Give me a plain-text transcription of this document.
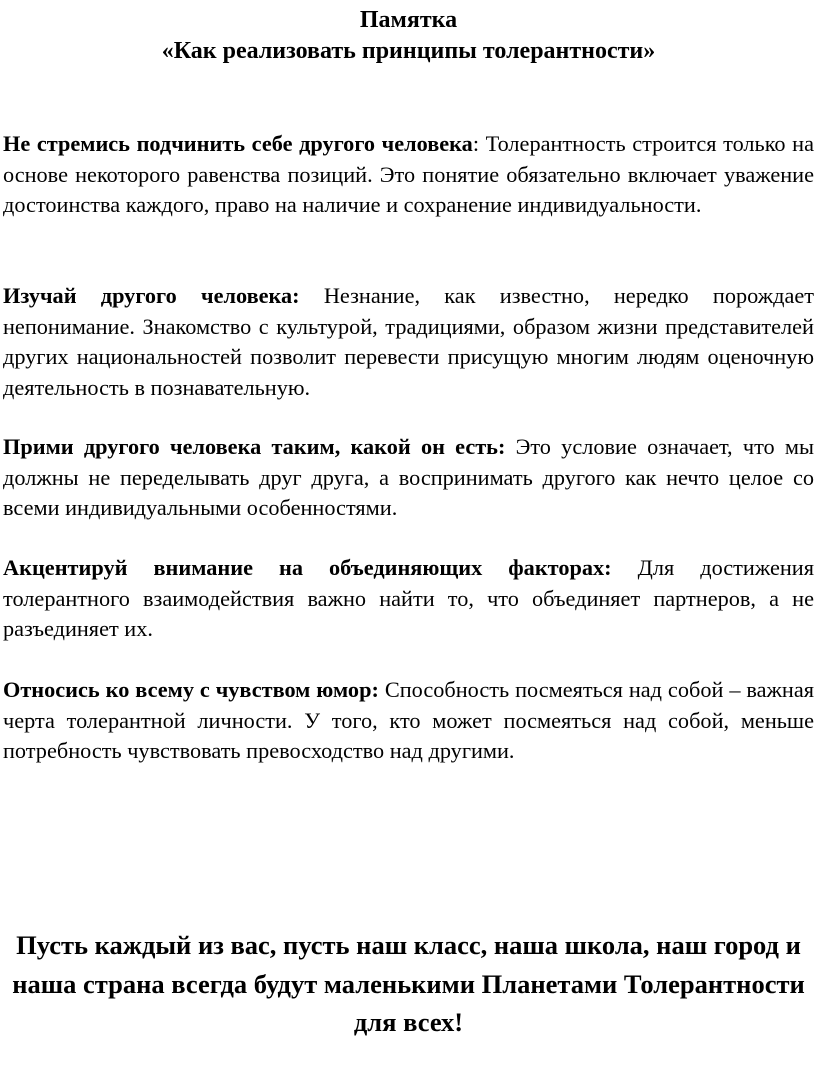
Памятка
«Как реализовать принципы толерантности»

Не стремись подчинить себе другого человека: Толерантность строится только на основе некоторого равенства позиций. Это понятие обязательно включает уважение достоинства каждого, право на наличие и сохранение индивидуальности.

Изучай другого человека: Незнание, как известно, нередко порождает непонимание. Знакомство с культурой, традициями, образом жизни представителей других национальностей позволит перевести присущую многим людям оценочную деятельность в познавательную.

Прими другого человека таким, какой он есть: Это условие означает, что мы должны не переделывать друг друга, а воспринимать другого как нечто целое со всеми индивидуальными особенностями.

Акцентируй внимание на объединяющих факторах: Для достижения толерантного взаимодействия важно найти то, что объединяет партнеров, а не разъединяет их.

Относись ко всему с чувством юмор: Способность посмеяться над собой – важная черта толерантной личности. У того, кто может посмеяться над собой, меньше потребность чувствовать превосходство над другими.

Пусть каждый из вас, пусть наш класс, наша школа, наш город и наша страна всегда будут маленькими Планетами Толерантности для всех!
